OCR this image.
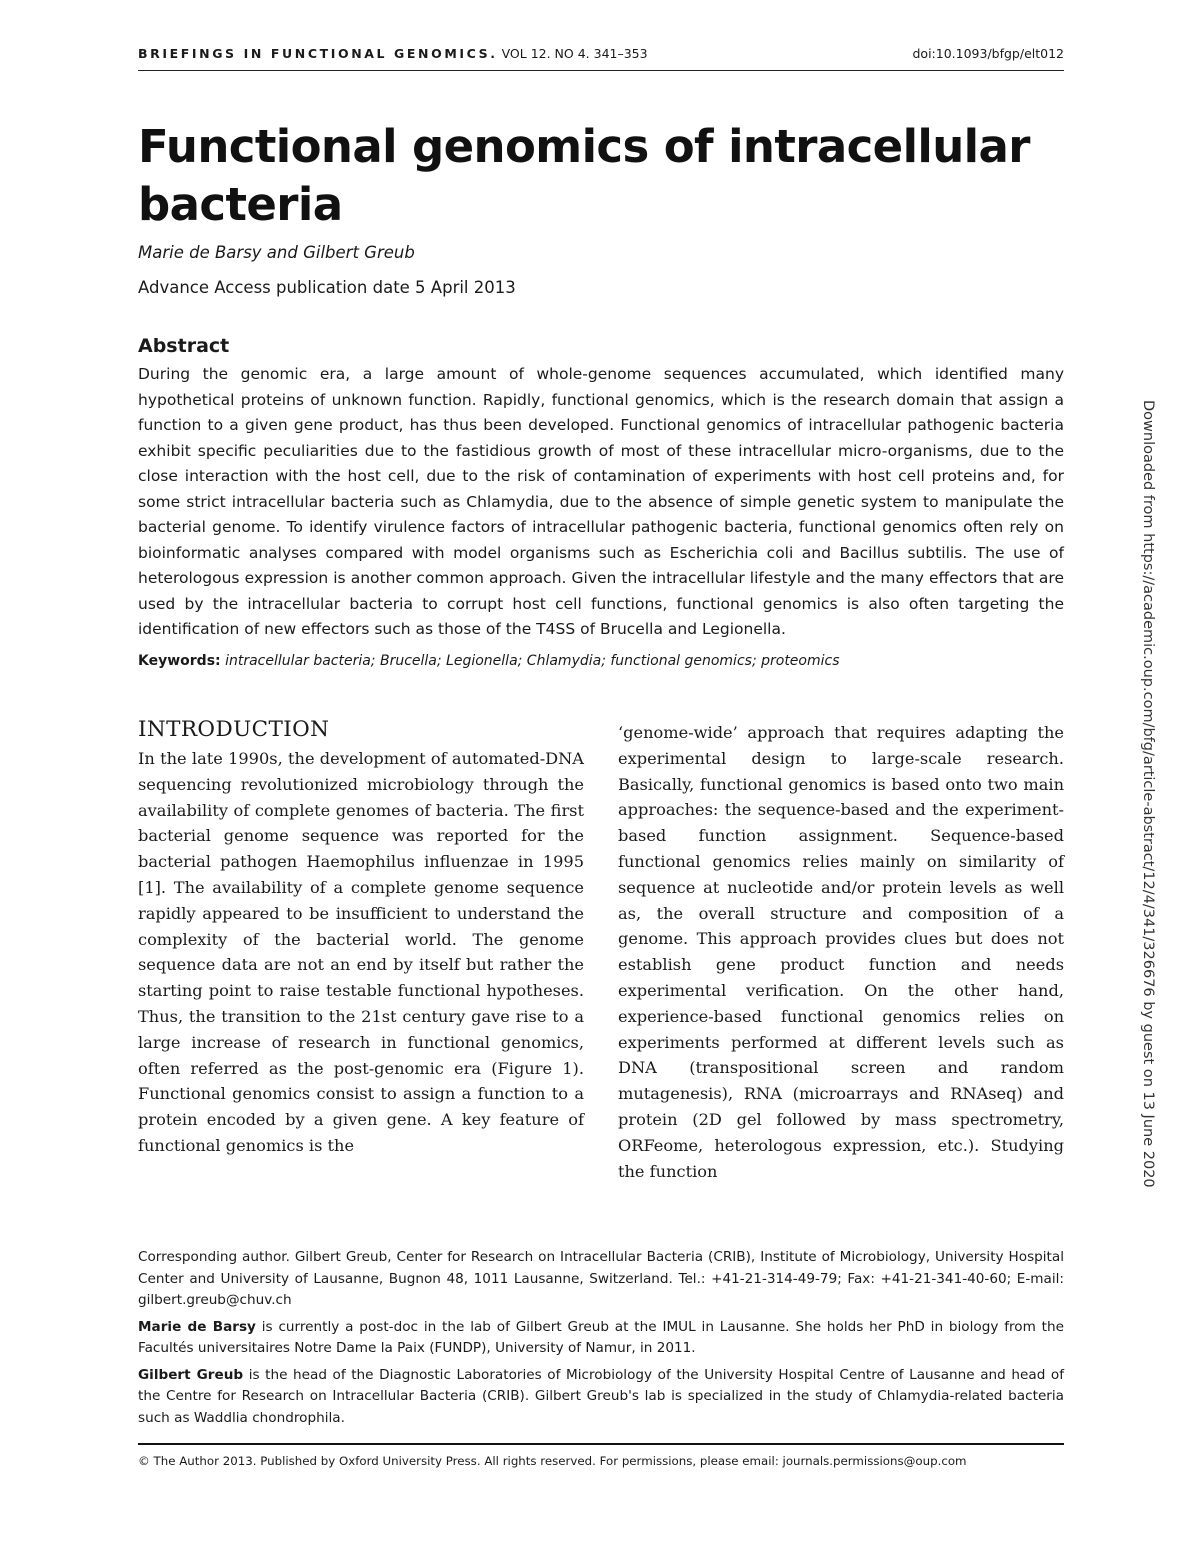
BRIEFINGS IN FUNCTIONAL GENOMICS. VOL 12. NO 4. 341–353	doi:10.1093/bfgp/elt012
Functional genomics of intracellular bacteria
Marie de Barsy and Gilbert Greub
Advance Access publication date 5 April 2013
Abstract

During the genomic era, a large amount of whole-genome sequences accumulated, which identified many hypothetical proteins of unknown function. Rapidly, functional genomics, which is the research domain that assign a function to a given gene product, has thus been developed. Functional genomics of intracellular pathogenic bacteria exhibit specific peculiarities due to the fastidious growth of most of these intracellular micro-organisms, due to the close interaction with the host cell, due to the risk of contamination of experiments with host cell proteins and, for some strict intracellular bacteria such as Chlamydia, due to the absence of simple genetic system to manipulate the bacterial genome. To identify virulence factors of intracellular pathogenic bacteria, functional genomics often rely on bioinformatic analyses compared with model organisms such as Escherichia coli and Bacillus subtilis. The use of heterologous expression is another common approach. Given the intracellular lifestyle and the many effectors that are used by the intracellular bacteria to corrupt host cell functions, functional genomics is also often targeting the identification of new effectors such as those of the T4SS of Brucella and Legionella.

Keywords: intracellular bacteria; Brucella; Legionella; Chlamydia; functional genomics; proteomics
INTRODUCTION

In the late 1990s, the development of automated-DNA sequencing revolutionized microbiology through the availability of complete genomes of bacteria. The first bacterial genome sequence was reported for the bacterial pathogen Haemophilus influenzae in 1995 [1]. The availability of a complete genome sequence rapidly appeared to be insufficient to understand the complexity of the bacterial world. The genome sequence data are not an end by itself but rather the starting point to raise testable functional hypotheses. Thus, the transition to the 21st century gave rise to a large increase of research in functional genomics, often referred as the post-genomic era (Figure 1). Functional genomics consist to assign a function to a protein encoded by a given gene. A key feature of functional genomics is the

‘genome-wide’ approach that requires adapting the experimental design to large-scale research. Basically, functional genomics is based onto two main approaches: the sequence-based and the experiment-based function assignment. Sequence-based functional genomics relies mainly on similarity of sequence at nucleotide and/or protein levels as well as, the overall structure and composition of a genome. This approach provides clues but does not establish gene product function and needs experimental verification. On the other hand, experience-based functional genomics relies on experiments performed at different levels such as DNA (transpositional screen and random mutagenesis), RNA (microarrays and RNAseq) and protein (2D gel followed by mass spectrometry, ORFeome, heterologous expression, etc.). Studying the function

Corresponding author. Gilbert Greub, Center for Research on Intracellular Bacteria (CRIB), Institute of Microbiology, University Hospital Center and University of Lausanne, Bugnon 48, 1011 Lausanne, Switzerland. Tel.: +41-21-314-49-79; Fax: +41-21-341-40-60; E-mail: gilbert.greub@chuv.ch

Marie de Barsy is currently a post-doc in the lab of Gilbert Greub at the IMUL in Lausanne. She holds her PhD in biology from the Facultés universitaires Notre Dame la Paix (FUNDP), University of Namur, in 2011.

Gilbert Greub is the head of the Diagnostic Laboratories of Microbiology of the University Hospital Centre of Lausanne and head of the Centre for Research on Intracellular Bacteria (CRIB). Gilbert Greub's lab is specialized in the study of Chlamydia-related bacteria such as Waddlia chondrophila.

© The Author 2013. Published by Oxford University Press. All rights reserved. For permissions, please email: journals.permissions@oup.com
Downloaded from https://academic.oup.com/bfg/article-abstract/12/4/341/326676 by guest on 13 June 2020
